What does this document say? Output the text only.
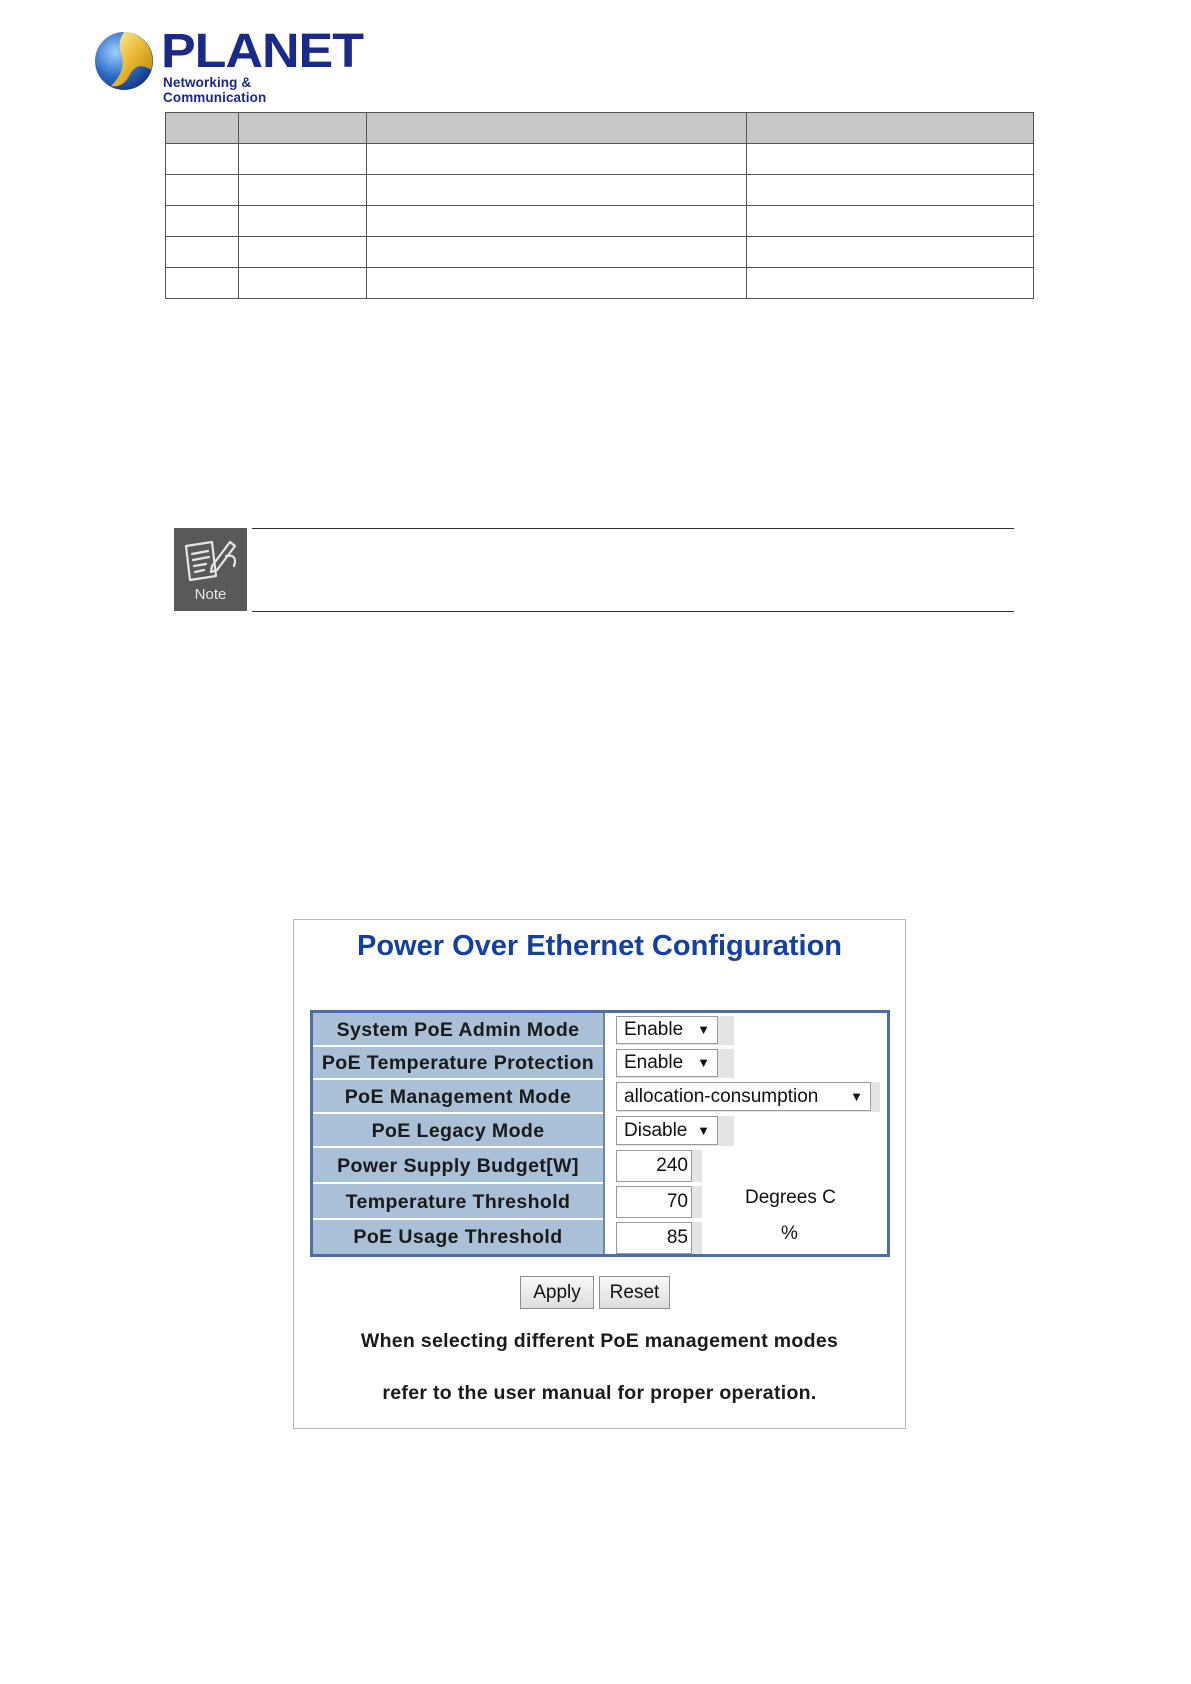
PLANET
Networking & Communication

Note
Power Over Ethernet Configuration
System PoE Admin Mode	Enable ▼
PoE Temperature Protection	Enable ▼
PoE Management Mode	allocation-consumption ▼
PoE Legacy Mode	Disable ▼
Power Supply Budget[W]	240
Temperature Threshold	70	Degrees C
PoE Usage Threshold	85	%
Apply	Reset
When selecting different PoE management modes
refer to the user manual for proper operation.
